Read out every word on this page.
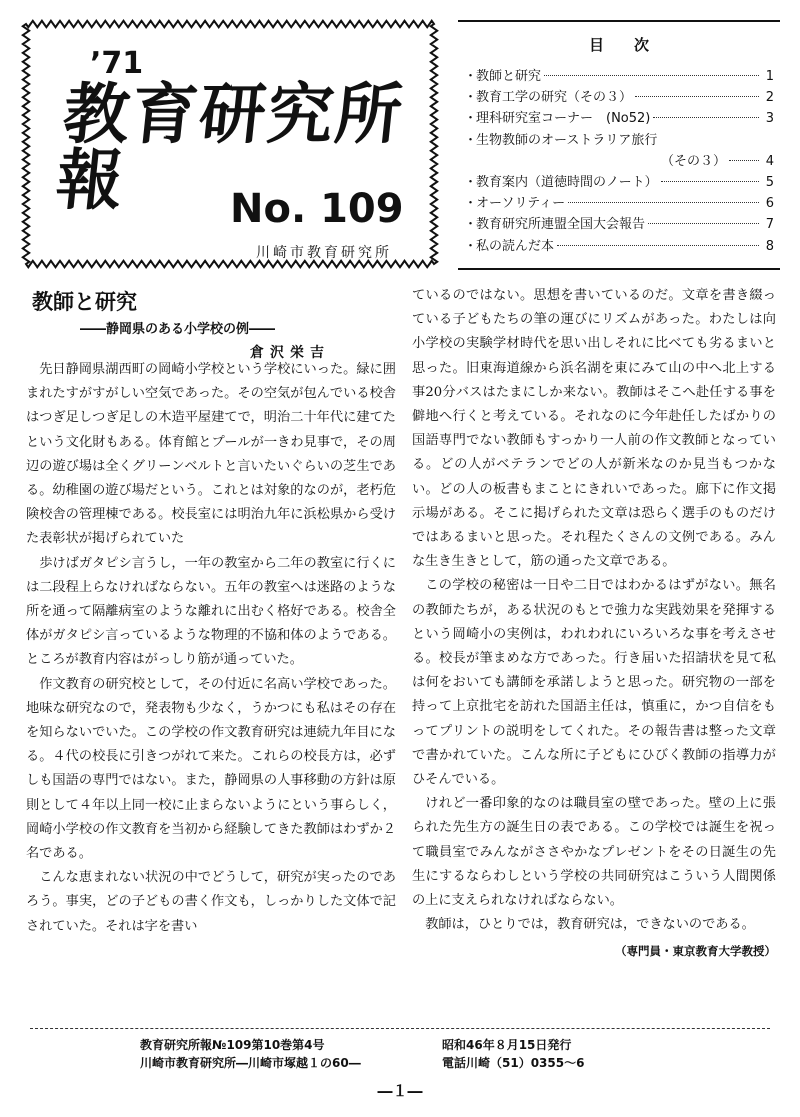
’71
教育研究所報	No. 109
川崎市教育研究所
目　　次
・
教師と研究	1
・
教育工学の研究（その３）	2
・
理科研究室コーナー　(No52)	3
・
生物教師のオーストラリア旅行
（その３）	4
・
教育案内（道徳時間のノート）	5
・
オーソリティー	6
・
教育研究所連盟全国大会報告	7
・
私の読んだ本	8
教師と研究
――静岡県のある小学校の例――
倉沢栄吉

先日静岡県湖西町の岡崎小学校という学校にいった。緑に囲まれたすがすがしい空気であった。その空気が包んでいる校舎はつぎ足しつぎ足しの木造平屋建てで，明治二十年代に建てたという文化財もある。体育館とプールが一きわ見事で，その周辺の遊び場は全くグリーンベルトと言いたいぐらいの芝生である。幼稚園の遊び場だという。これとは対象的なのが，老朽危険校舎の管理棟である。校長室には明治九年に浜松県から受けた表彰状が掲げられていた

歩けばガタピシ言うし，一年の教室から二年の教室に行くには二段程上らなければならない。五年の教室へは迷路のような所を通って隔離病室のような離れに出むく格好である。校舎全体がガタピシ言っているような物理的不協和体のようである。ところが教育内容はがっしり筋が通っていた。

作文教育の研究校として，その付近に名高い学校であった。地味な研究なので，発表物も少なく，うかつにも私はその存在を知らないでいた。この学校の作文教育研究は連続九年目になる。４代の校長に引きつがれて来た。これらの校長方は，必ずしも国語の専門ではない。また，静岡県の人事移動の方針は原則として４年以上同一校に止まらないようにという事らしく，岡崎小学校の作文教育を当初から経験してきた教師はわずか２名である。

こんな恵まれない状況の中でどうして，研究が実ったのであろう。事実，どの子どもの書く作文も，しっかりした文体で記されていた。それは字を書い

ているのではない。思想を書いているのだ。文章を書き綴っている子どもたちの筆の運びにリズムがあった。わたしは向小学校の実験学材時代を思い出しそれに比べても劣るまいと思った。旧東海道線から浜名湖を東にみて山の中へ北上する事20分バスはたまにしか来ない。教師はそこへ赴任する事を僻地へ行くと考えている。それなのに今年赴任したばかりの国語専門でない教師もすっかり一人前の作文教師となっている。どの人がベテランでどの人が新米なのか見当もつかない。どの人の板書もまことにきれいであった。廊下に作文掲示場がある。そこに掲げられた文章は恐らく選手のものだけではあるまいと思った。それ程たくさんの文例である。みんな生き生きとして，筋の通った文章である。

この学校の秘密は一日や二日ではわかるはずがない。無名の教師たちが，ある状況のもとで強力な実践効果を発揮するという岡崎小の実例は，われわれにいろいろな事を考えさせる。校長が筆まめな方であった。行き届いた招請状を見て私は何をおいても講師を承諾しようと思った。研究物の一部を持って上京批宅を訪れた国語主任は，慎重に，かつ自信をもってプリントの説明をしてくれた。その報告書は整った文章で書かれていた。こんな所に子どもにひびく教師の指導力がひそんでいる。

けれど一番印象的なのは職員室の壁であった。壁の上に張られた先生方の誕生日の表である。この学校では誕生を祝って職員室でみんながささやかなプレゼントをその日誕生の先生にするならわしという学校の共同研究はこういう人間関係の上に支えられなければならない。

教師は，ひとりでは，教育研究は，できないのである。

（専門員・東京教育大学教授）

教育研究所報№109第10巻第4号
川崎市教育研究所―川崎市塚越１の60―
昭和46年８月15日発行
電話川崎（51）0355～6
―１―
